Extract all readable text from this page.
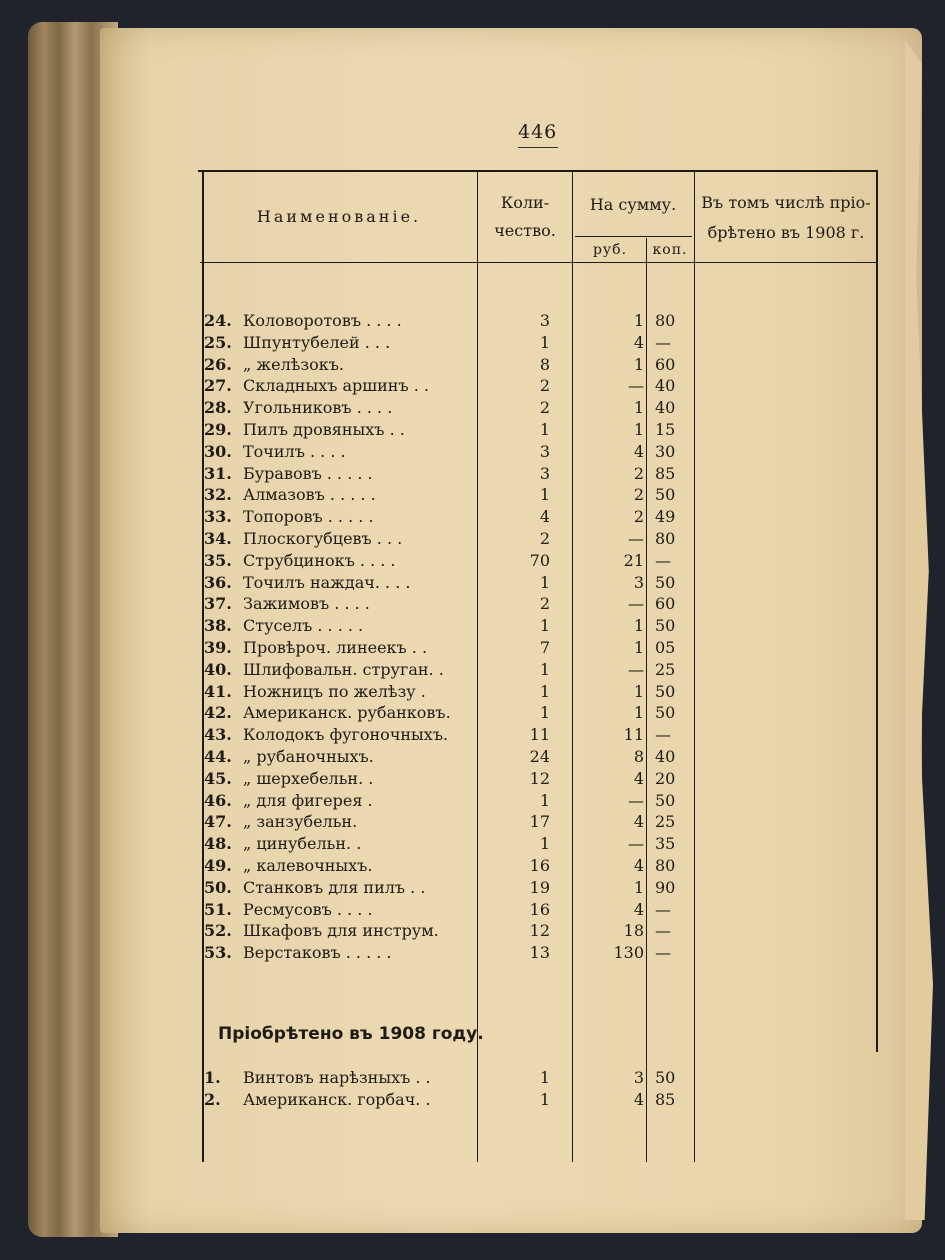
446
Наименованіе.
Коли-
чество.
На сумму.
руб.	коп.
Въ томъ числѣ пріо-
брѣтено въ 1908 г.
24. Коловоротовъ . . . .	3	1 80
25. Шпунтубелей . . .	1	4 —
26. „ желѣзокъ.	8	1 60
27. Складныхъ аршинъ . .	2	— 40
28. Угольниковъ . . . .	2	1 40
29. Пилъ дровяныхъ . .	1	1 15
30. Точилъ . . . .	3	4 30
31. Буравовъ . . . . .	3	2 85
32. Алмазовъ . . . . .	1	2 50
33. Топоровъ . . . . .	4	2 49
34. Плоскогубцевъ . . .	2	— 80
35. Струбцинокъ . . . .	70	21 —
36. Точилъ наждач. . . .	1	3 50
37. Зажимовъ . . . .	2	— 60
38. Стуселъ . . . . .	1	1 50
39. Провѣроч. линеекъ . .	7	1 05
40. Шлифовальн. струган. .	1	— 25
41. Ножницъ по желѣзу .	1	1 50
42. Американск. рубанковъ.	1	1 50
43. Колодокъ фугоночныхъ.	11	11 —
44. „ рубаночныхъ.	24	8 40
45. „ шерхебельн. .	12	4 20
46. „ для фигерея .	1	— 50
47. „ занзубельн.	17	4 25
48. „ цинубельн. .	1	— 35
49. „ калевочныхъ.	16	4 80
50. Станковъ для пилъ . .	19	1 90
51. Ресмусовъ . . . .	16	4 —
52. Шкафовъ для инструм.	12	18 —
53. Верстаковъ . . . . .	13	130 —
Пріобрѣтено въ 1908 году.
1. Винтовъ нарѣзныхъ . .	1	3 50
2. Американск. горбач. .	1	4 85
